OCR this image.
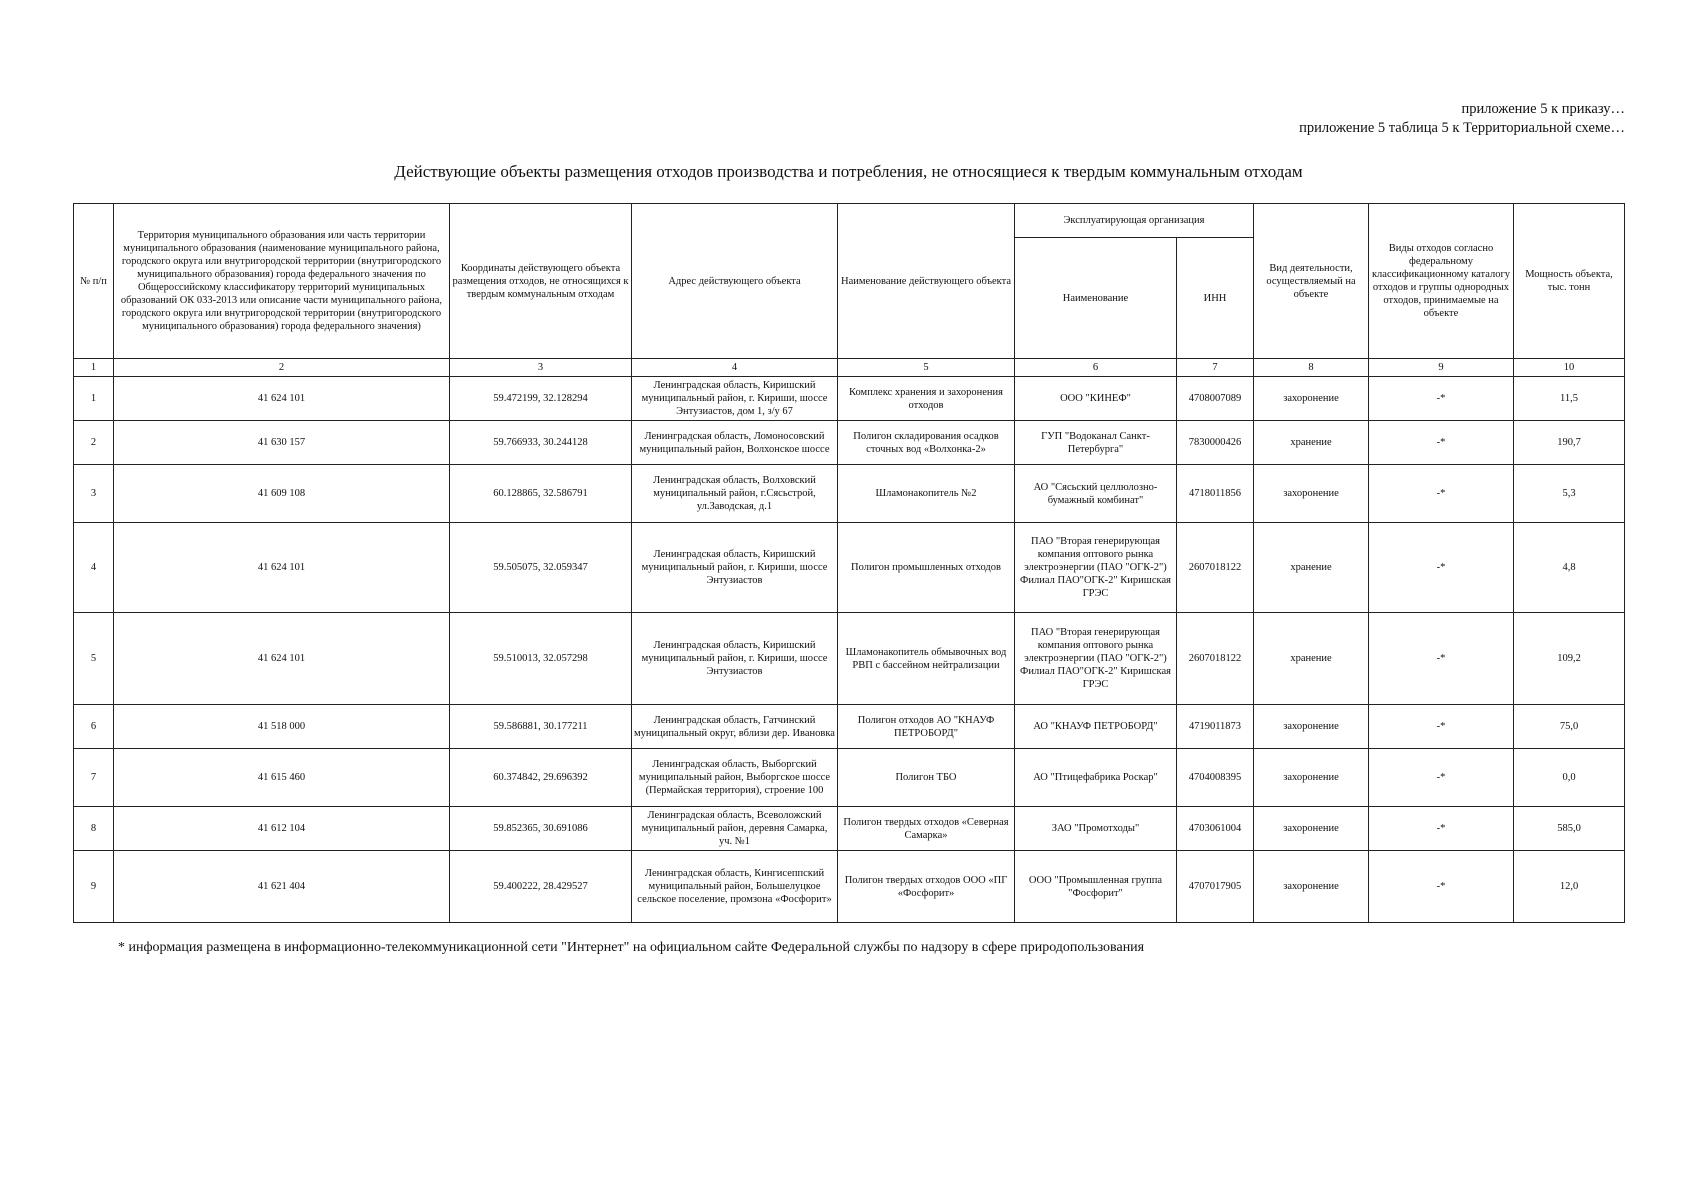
приложение 5 к приказу…
приложение 5 таблица 5 к Территориальной схеме…
Действующие объекты размещения отходов производства и потребления, не относящиеся к твердым коммунальным отходам
№ п/п	Территория муниципального образования или часть территории муниципального образования (наименование муниципального района, городского округа или внутригородской территории (внутригородского муниципального образования) города федерального значения по Общероссийскому классификатору территорий муниципальных образований ОК 033-2013 или описание части муниципального района, городского округа или внутригородской территории (внутригородского муниципального образования) города федерального значения)	Координаты действующего объекта размещения отходов, не относящихся к твердым коммунальным отходам	Адрес действующего объекта	Наименование действующего объекта	Эксплуатирующая организация		Вид деятельности, осуществляемый на объекте	Виды отходов согласно федеральному классификационному каталогу отходов и группы однородных отходов, принимаемые на объекте	Мощность объекта, тыс. тонн
					Наименование	ИНН			
1	2	3	4	5	6	7	8	9	10
1	41 624 101	59.472199, 32.128294	Ленинградская область, Киришский муниципальный район, г. Кириши, шоссе Энтузиастов, дом 1, з/у 67	Комплекс хранения и захоронения отходов	ООО "КИНЕФ"	4708007089	захоронение	-*	11,5
2	41 630 157	59.766933, 30.244128	Ленинградская область, Ломоносовский муниципальный район, Волхонское шоссе	Полигон складирования осадков сточных вод «Волхонка-2»	ГУП "Водоканал Санкт-Петербурга"	7830000426	хранение	-*	190,7
3	41 609 108	60.128865, 32.586791	Ленинградская область, Волховский муниципальный район, г.Сясьстрой, ул.Заводская, д.1	Шламонакопитель №2	АО "Сясьский целлюлозно-бумажный комбинат"	4718011856	захоронение	-*	5,3
4	41 624 101	59.505075, 32.059347	Ленинградская область, Киришский муниципальный район, г. Кириши, шоссе Энтузиастов	Полигон промышленных отходов	ПАО "Вторая генерирующая компания оптового рынка электроэнергии (ПАО "ОГК-2") Филиал ПАО"ОГК-2" Киришская ГРЭС	2607018122	хранение	-*	4,8
5	41 624 101	59.510013, 32.057298	Ленинградская область, Киришский муниципальный район, г. Кириши, шоссе Энтузиастов	Шламонакопитель обмывочных вод РВП с бассейном нейтрализации	ПАО "Вторая генерирующая компания оптового рынка электроэнергии (ПАО "ОГК-2") Филиал ПАО"ОГК-2" Киришская ГРЭС	2607018122	хранение	-*	109,2
6	41 518 000	59.586881, 30.177211	Ленинградская область, Гатчинский муниципальный округ, вблизи дер. Ивановка	Полигон отходов АО "КНАУФ ПЕТРОБОРД"	АО "КНАУФ ПЕТРОБОРД"	4719011873	захоронение	-*	75,0
7	41 615 460	60.374842, 29.696392	Ленинградская область, Выборгский муниципальный район, Выборгское шоссе (Пермайская территория), строение 100	Полигон ТБО	АО "Птицефабрика Роскар"	4704008395	захоронение	-*	0,0
8	41 612 104	59.852365, 30.691086	Ленинградская область, Всеволожский муниципальный район, деревня Самарка, уч. №1	Полигон твердых отходов «Северная Самарка»	ЗАО "Промотходы"	4703061004	захоронение	-*	585,0
9	41 621 404	59.400222, 28.429527	Ленинградская область, Кингисеппский муниципальный район, Большелуцкое сельское поселение, промзона «Фосфорит»	Полигон твердых отходов ООО «ПГ «Фосфорит»	ООО "Промышленная группа "Фосфорит"	4707017905	захоронение	-*	12,0
* информация размещена в информационно-телекоммуникационной сети "Интернет" на официальном сайте Федеральной службы по надзору в сфере природопользования
